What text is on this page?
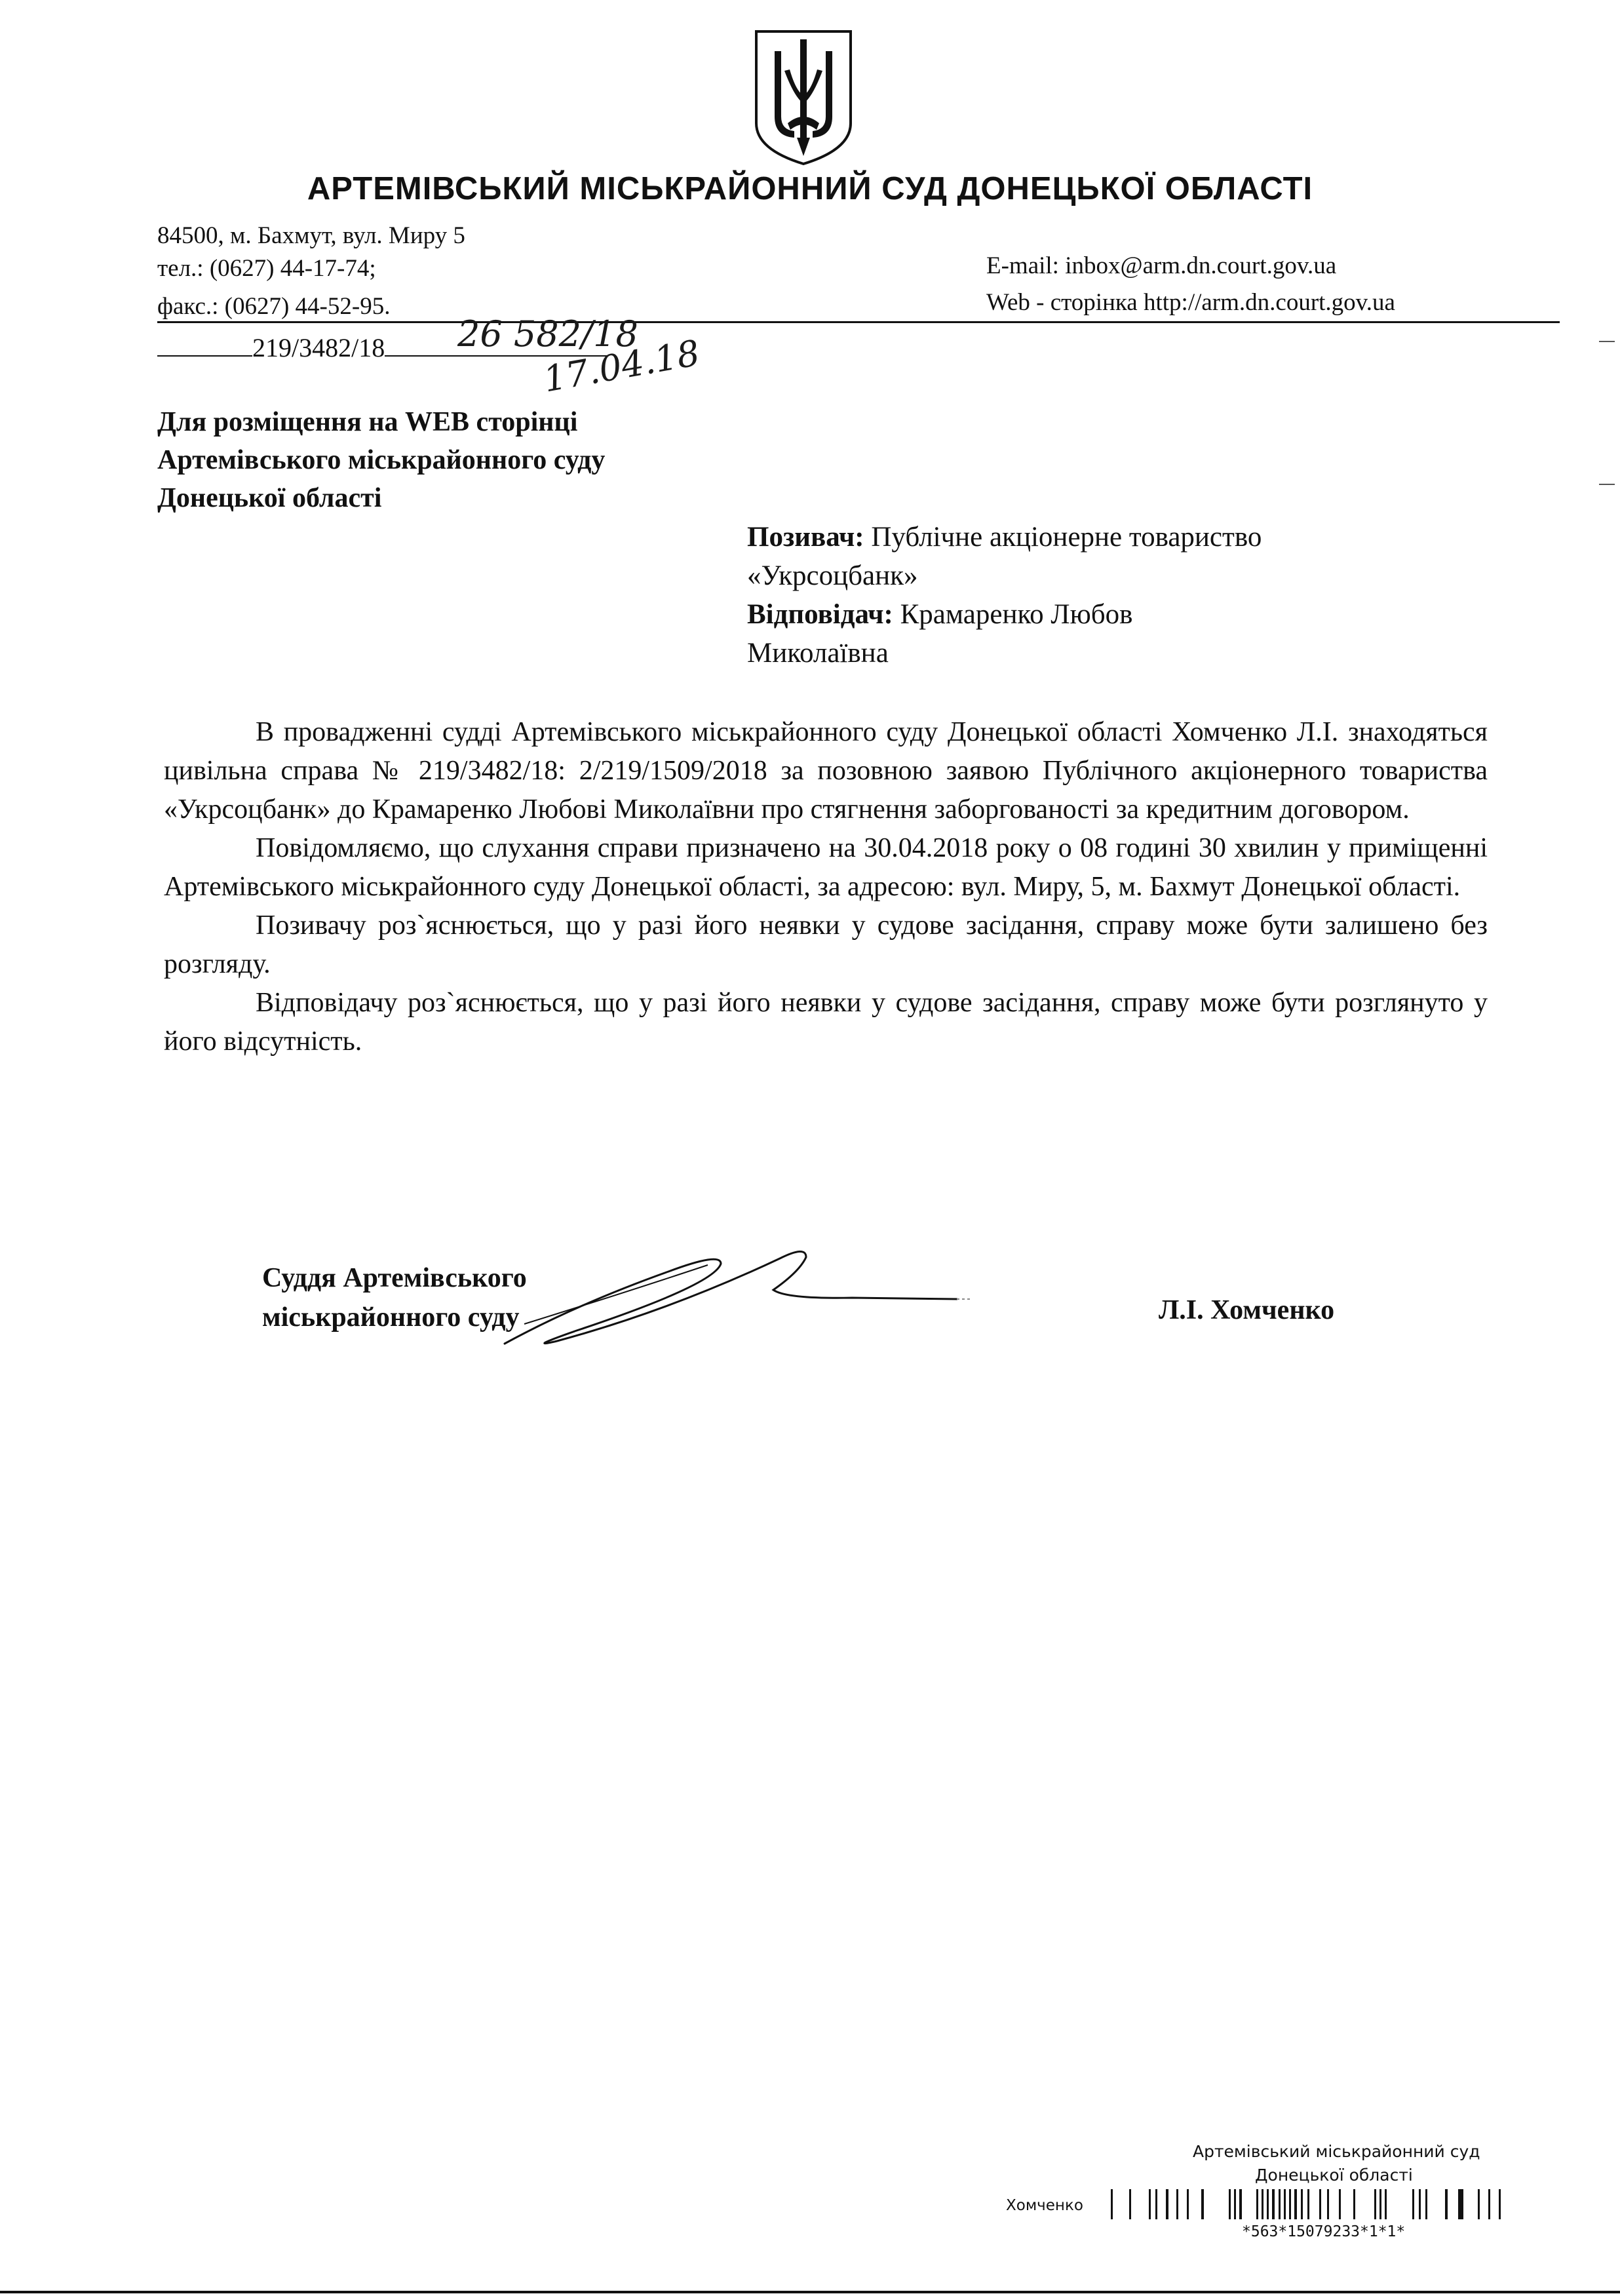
АРТЕМІВСЬКИЙ МІСЬКРАЙОННИЙ СУД ДОНЕЦЬКОЇ ОБЛАСТІ
84500, м. Бахмут, вул. Миру 5
тел.: (0627) 44-17-74;
факс.: (0627) 44-52-95.
E-mail: inbox@arm.dn.court.gov.ua
Web - сторінка http://arm.dn.court.gov.ua
219/3482/18	26 582/18
17.04.18
Для розміщення на WEB сторінці
Артемівського міськрайонного суду
Донецької області
Позивач: Публічне акціонерне товариство
«Укрсоцбанк»
Відповідач: Крамаренко Любов
Миколаївна

В провадженні судді Артемівського міськрайонного суду Донецької області Хомченко Л.І. знаходяться цивільна справа № 219/3482/18: 2/219/1509/2018 за позовною заявою Публічного акціонерного товариства «Укрсоцбанк» до Крамаренко Любові Миколаївни про стягнення заборгованості за кредитним договором.

Повідомляємо, що слухання справи призначено на 30.04.2018 року о 08 годині 30 хвилин у приміщенні Артемівського міськрайонного суду Донецької області, за адресою: вул. Миру, 5, м. Бахмут Донецької області.

Позивачу роз`яснюється, що у разі його неявки у судове засідання, справу може бути залишено без розгляду.

Відповідачу роз`яснюється, що у разі його неявки у судове засідання, справу може бути розглянуто у його відсутність.

Суддя Артемівського
міськрайонного суду	Л.І. Хомченко
Артемівський міськрайонний суд
Донецької області
Хомченко
*563*15079233*1*1*
